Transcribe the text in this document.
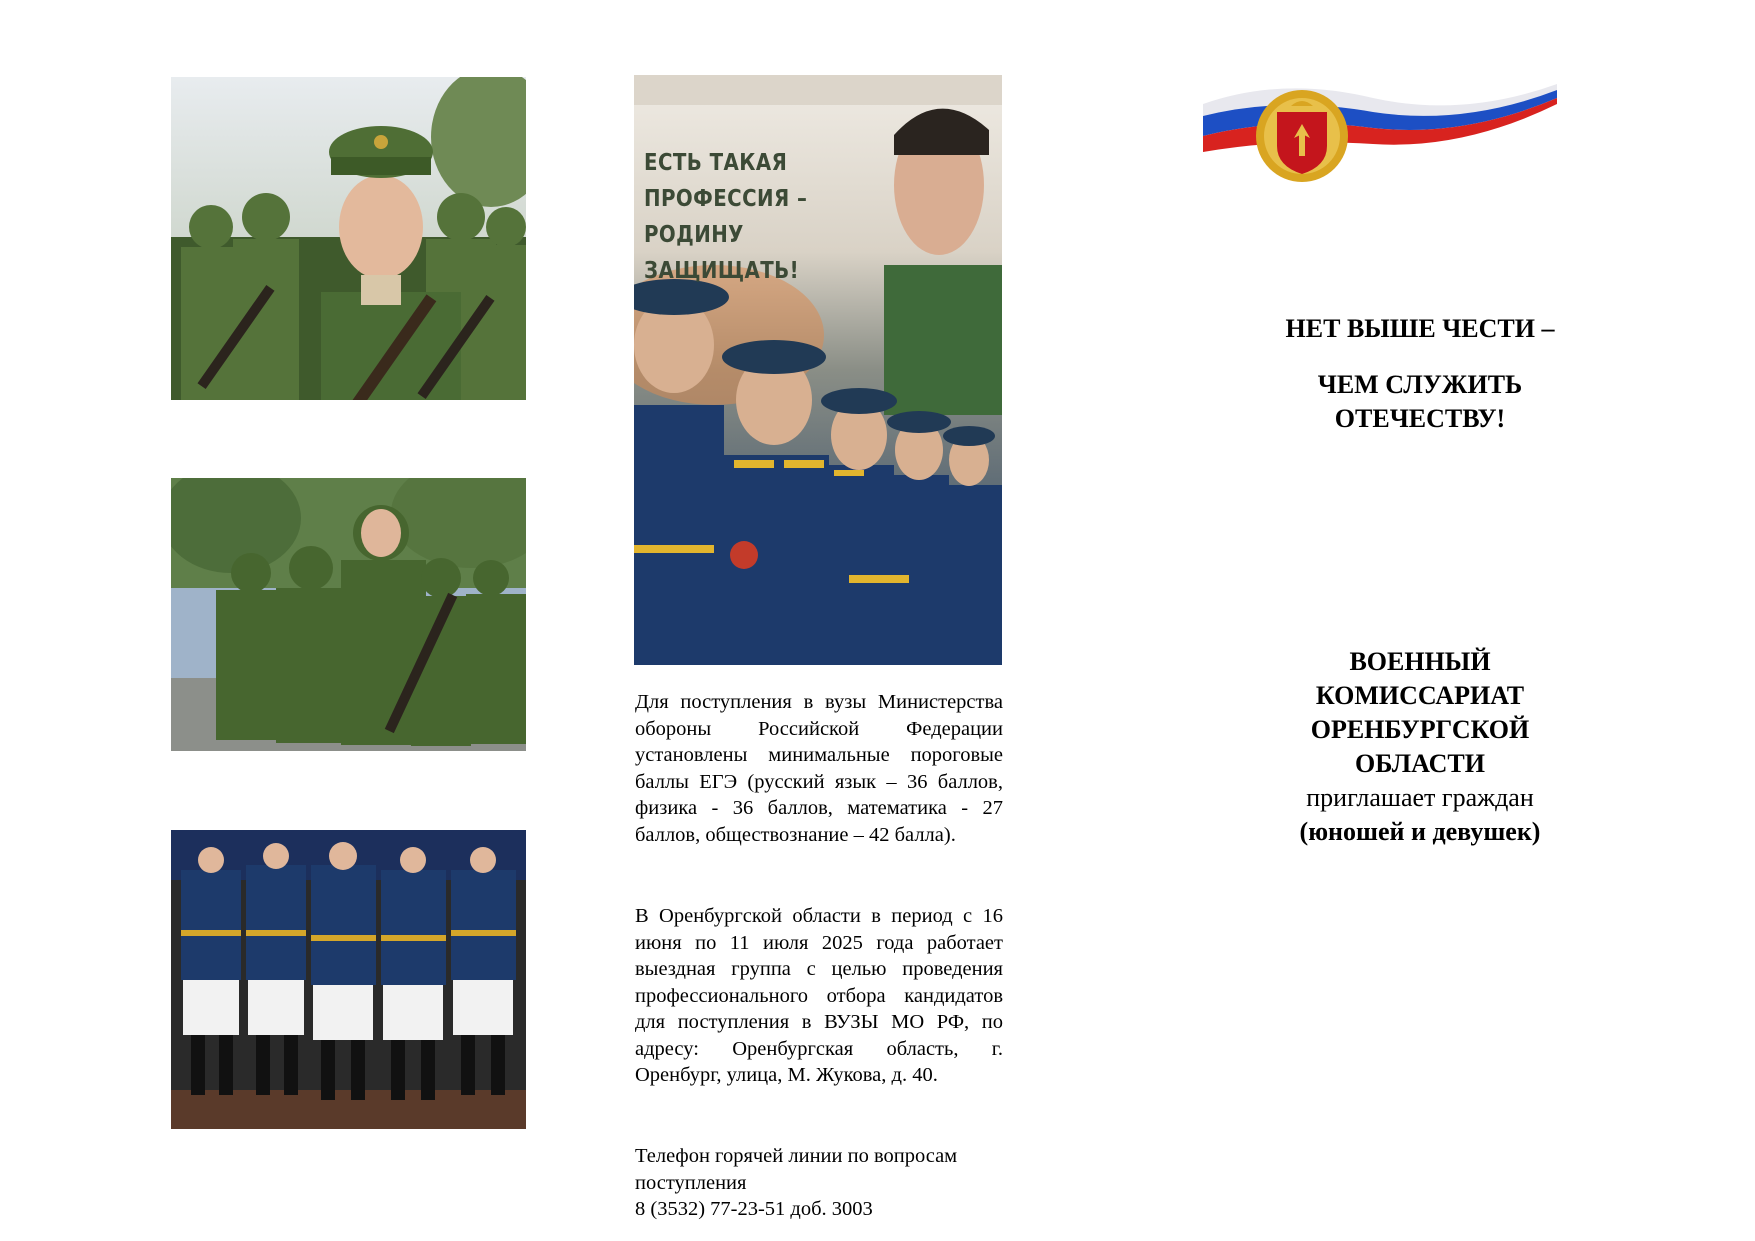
ЕСТЬ ТАКАЯ ПРОФЕССИЯ –
РОДИНУ ЗАЩИЩАТЬ!
Для поступления в вузы Министерства обороны Российской Федерации установлены минимальные пороговые баллы ЕГЭ (русский язык – 36 баллов, физика - 36 баллов, математика - 27 баллов, обществознание – 42 балла).
В Оренбургской области в период с 16 июня по 11 июля 2025 года работает выездная группа с целью проведения профессионального отбора кандидатов для поступления в ВУЗЫ МО РФ, по адресу: Оренбургская область, г. Оренбург, улица, М. Жукова, д. 40.
Телефон горячей линии по вопросам поступления
8 (3532) 77-23-51 доб. 3003
НЕТ ВЫШЕ ЧЕСТИ –
ЧЕМ СЛУЖИТЬ ОТЕЧЕСТВУ!
ВОЕННЫЙ КОМИССАРИАТ
ОРЕНБУРГСКОЙ ОБЛАСТИ
приглашает граждан
(юношей и девушек)
